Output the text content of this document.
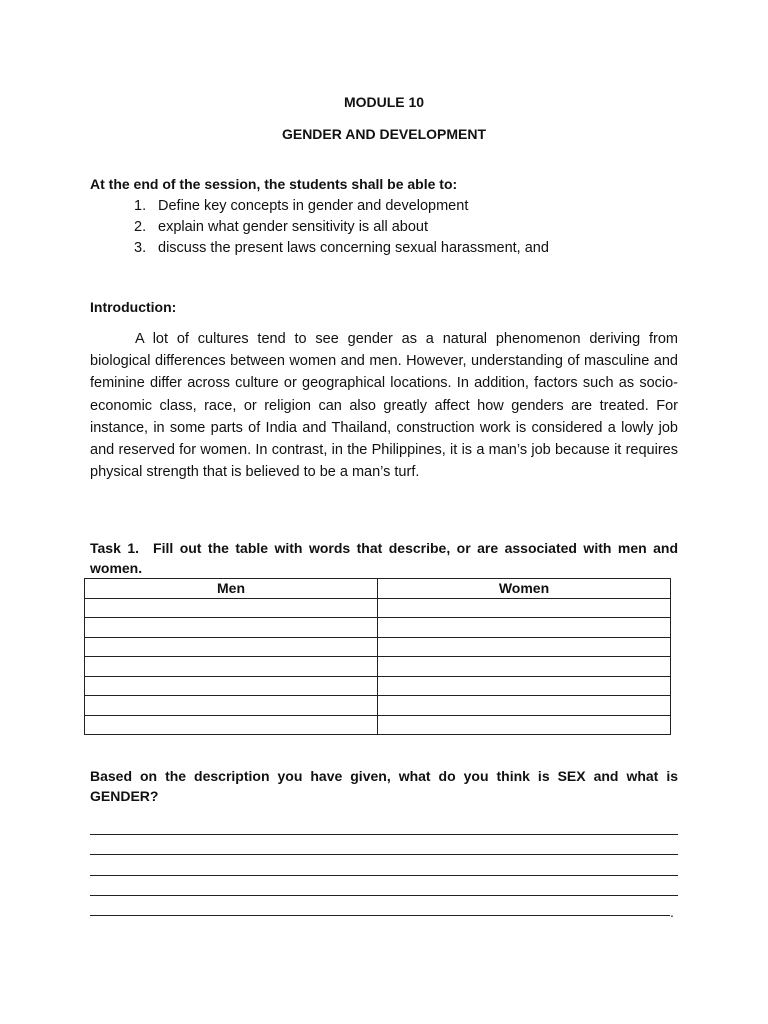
MODULE 10
GENDER AND DEVELOPMENT
At the end of the session, the students shall be able to:
1. Define key concepts in gender and development
2. explain what gender sensitivity is all about
3. discuss the present laws concerning sexual harassment, and
Introduction:

A lot of cultures tend to see gender as a natural phenomenon deriving from biological differences between women and men. However, understanding of masculine and feminine differ across culture or geographical locations. In addition, factors such as socio-economic class, race, or religion can also greatly affect how genders are treated. For instance, in some parts of India and Thailand, construction work is considered a lowly job and reserved for women. In contrast, in the Philippines, it is a man’s job because it requires physical strength that is believed to be a man’s turf.

Task 1. Fill out the table with words that describe, or are associated with men and women.

Men	Women

Based on the description you have given, what do you think is SEX and what is GENDER?

.
